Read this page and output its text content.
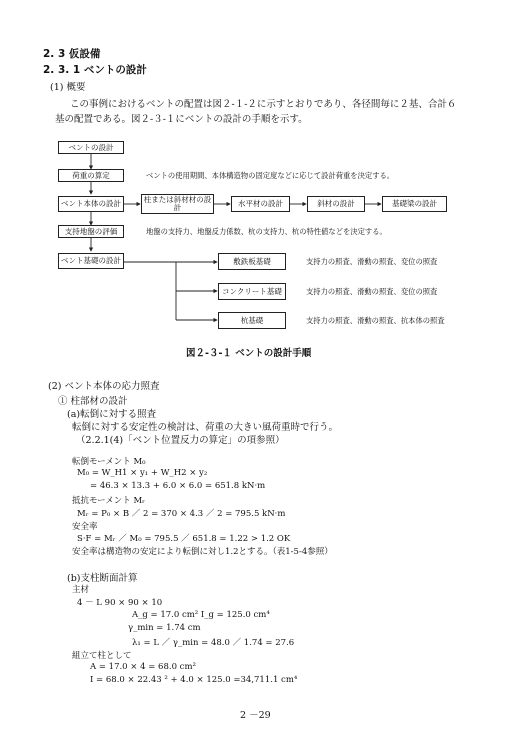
2. 3 仮設備
2. 3. 1 ベントの設計
(1) 概要
この事例におけるベントの配置は図２-１-２に示すとおりであり、各径間毎に２基、合計６
基の配置である。図２-３-１にベントの設計の手順を示す。
ベントの設計
荷重の算定
ベント本体の設計
支持地盤の評価
ベント基礎の設計
柱または斜材材の設計	水平材の設計	斜材の設計	基礎梁の設計
敷鉄板基礎
コンクリート基礎
杭基礎
ベントの使用期間、本体構造物の固定度などに応じて設計荷重を決定する。
地盤の支持力、地盤反力係数、杭の支持力、杭の特性値などを決定する。
支持力の照査、滑動の照査、変位の照査
支持力の照査、滑動の照査、変位の照査
支持力の照査、滑動の照査、抗本体の照査
図２-３-１ ベントの設計手順
(2) ベント本体の応力照査
① 柱部材の設計
(a)転倒に対する照査
転倒に対する安定性の検討は、荷重の大きい風荷重時で行う。
（2.2.1(4)「ベント位置反力の算定」の項参照）
転倒モーメント M₀
M₀ = W_H1 × y₁ + W_H2 × y₂
= 46.3 × 13.3 + 6.0 × 6.0 = 651.8 kN·m
抵抗モーメント Mᵣ
Mᵣ = P₀ × B ／ 2 = 370 × 4.3 ／ 2 = 795.5 kN·m
安全率
S·F = Mᵣ ／ M₀ = 795.5 ／ 651.8 = 1.22 > 1.2 OK
安全率は構造物の安定により転倒に対し1.2とする。（表1-5-4参照）
(b)支柱断面計算
主材
4 － L 90 × 90 × 10
A_g = 17.0 cm² I_g = 125.0 cm⁴
γ_min = 1.74 cm
λ₁ = L ／ γ_min = 48.0 ／ 1.74 = 27.6
組立て柱として
A = 17.0 × 4 = 68.0 cm²
I = 68.0 × 22.43 ² + 4.0 × 125.0 =34,711.1 cm⁴
2 －29
